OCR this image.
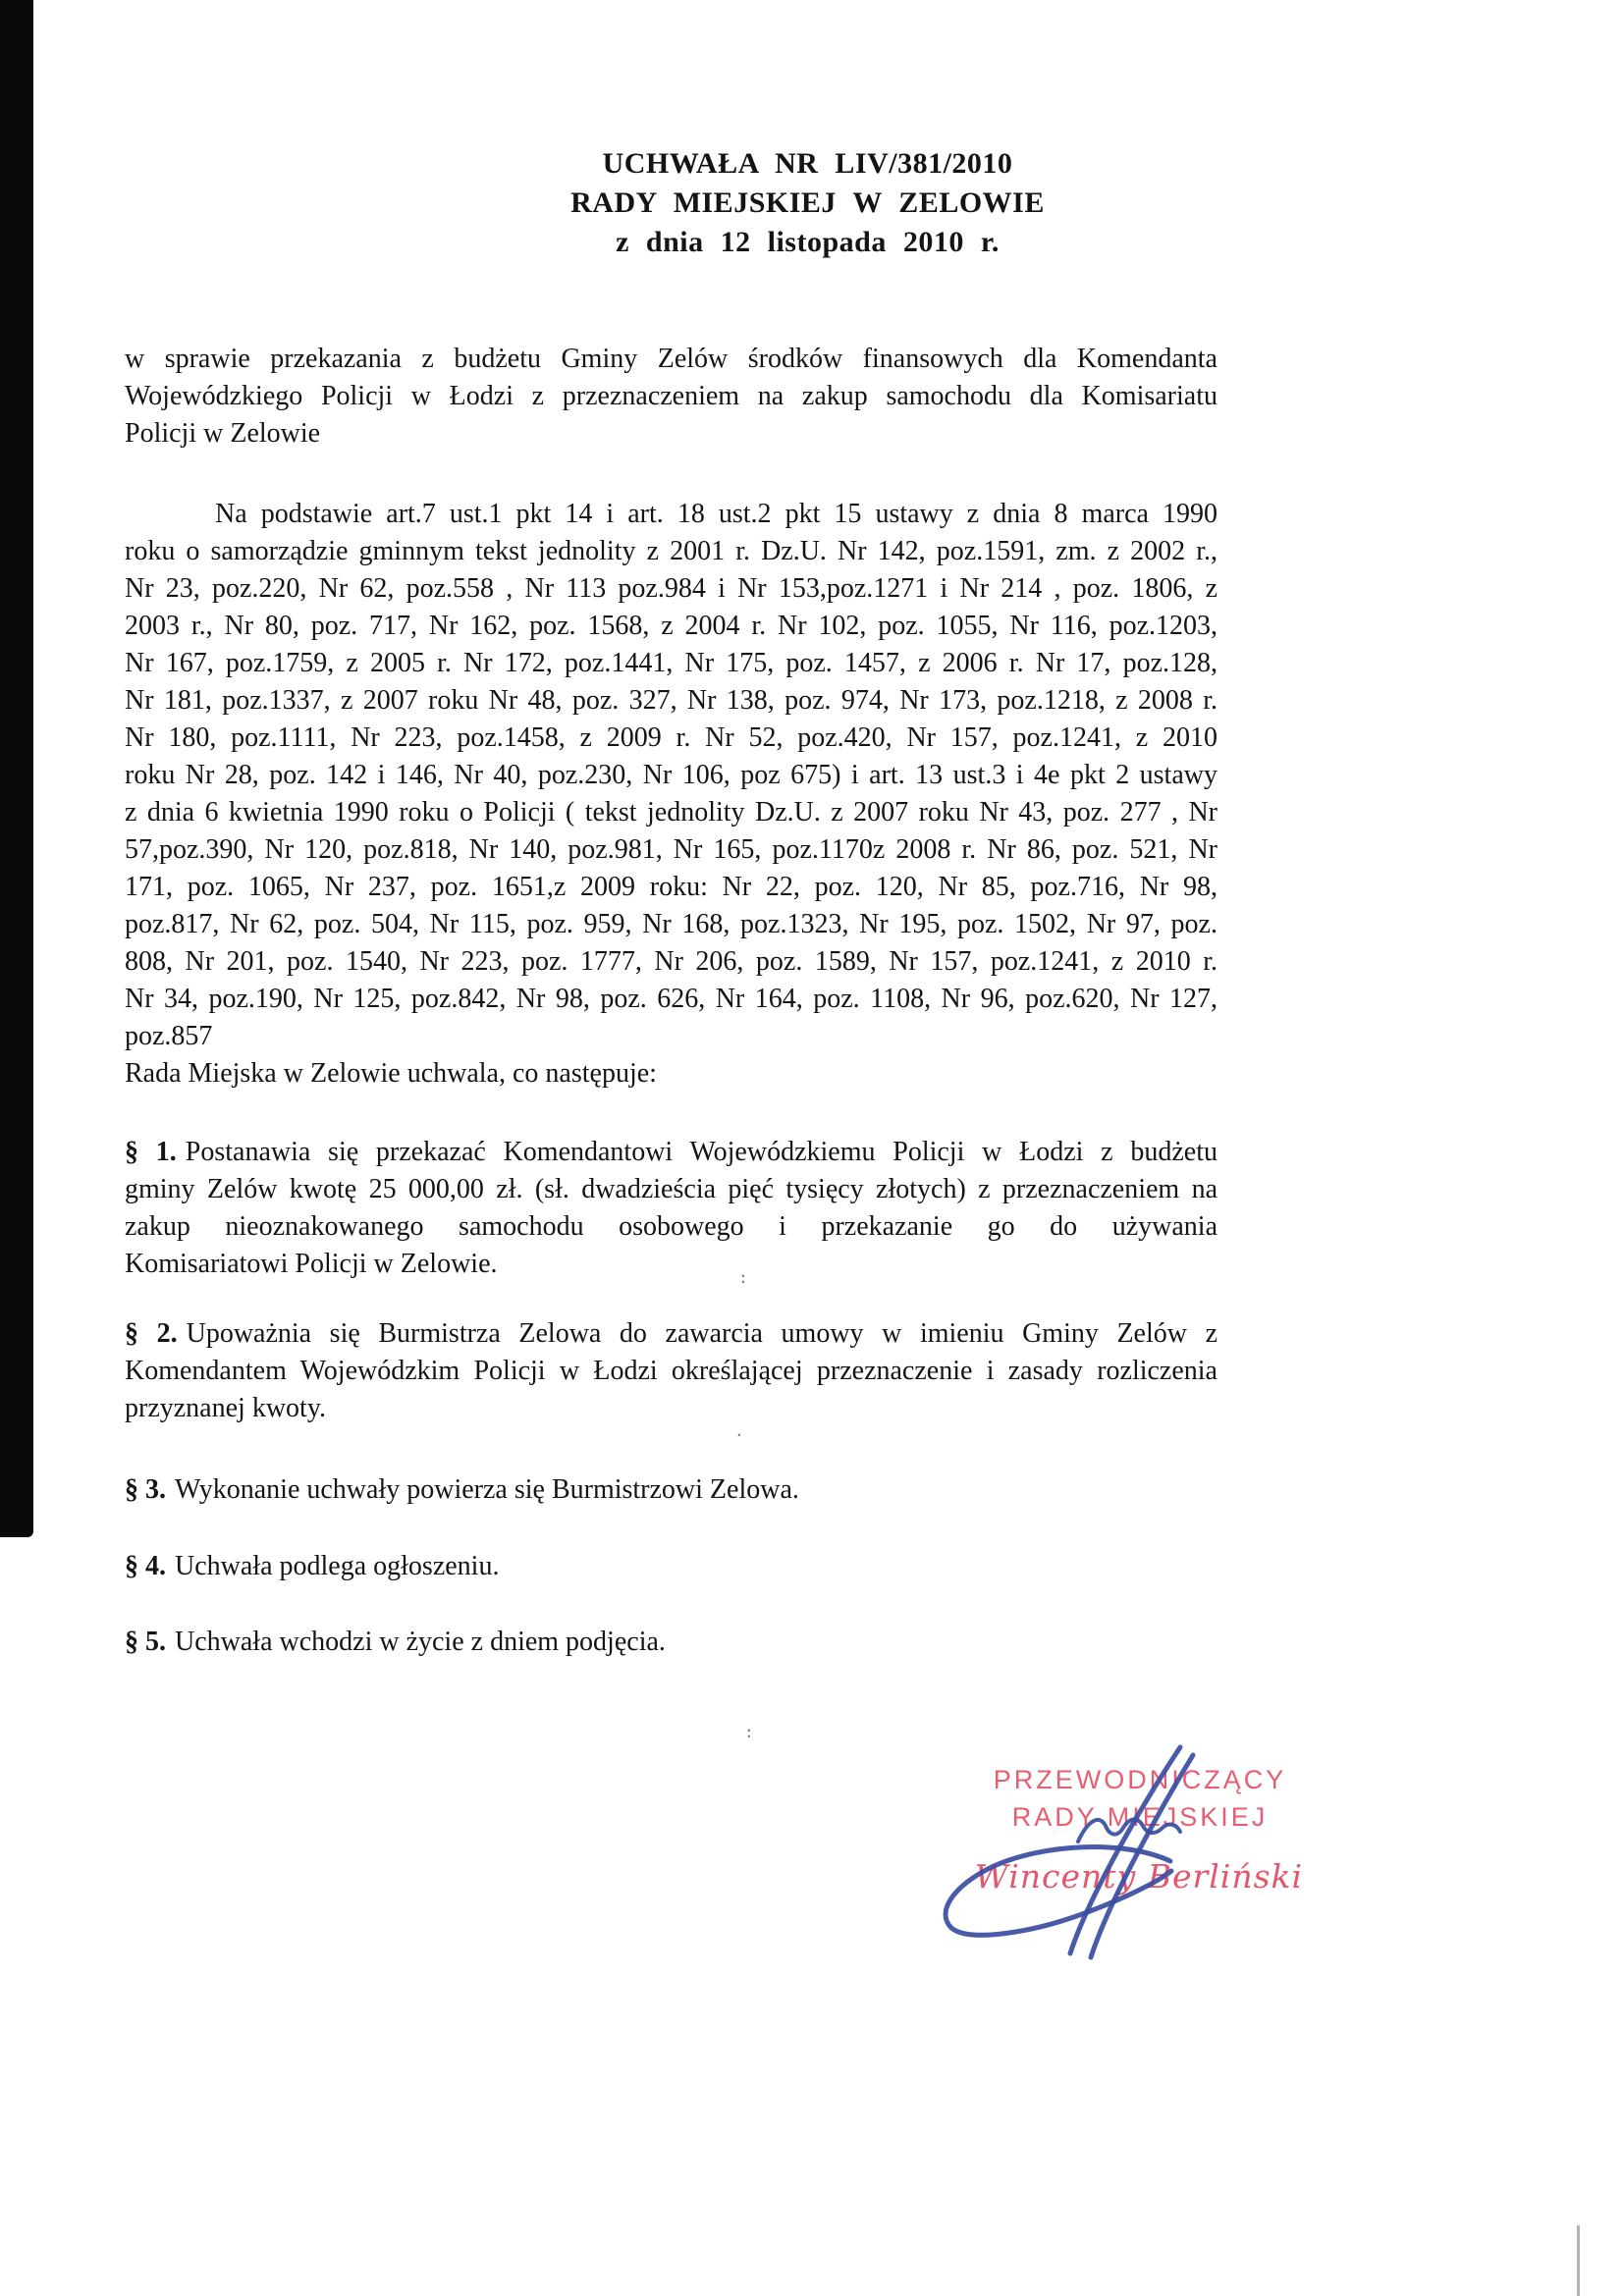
UCHWAŁA NR LIV/381/2010
RADY MIEJSKIEJ W ZELOWIE
z dnia 12 listopada 2010 r.
w sprawie przekazania z budżetu Gminy Zelów środków finansowych dla Komendanta
Wojewódzkiego Policji w Łodzi z przeznaczeniem na zakup samochodu dla Komisariatu
Policji w Zelowie
Na podstawie art.7 ust.1 pkt 14 i art. 18 ust.2 pkt 15 ustawy z dnia 8 marca 1990
roku o samorządzie gminnym tekst jednolity z 2001 r. Dz.U. Nr 142, poz.1591, zm. z 2002 r.,
Nr 23, poz.220, Nr 62, poz.558 , Nr 113 poz.984 i Nr 153,poz.1271 i Nr 214 , poz. 1806, z
2003 r., Nr 80, poz. 717, Nr 162, poz. 1568, z 2004 r. Nr 102, poz. 1055, Nr 116, poz.1203,
Nr 167, poz.1759, z 2005 r. Nr 172, poz.1441, Nr 175, poz. 1457, z 2006 r. Nr 17, poz.128,
Nr 181, poz.1337, z 2007 roku Nr 48, poz. 327, Nr 138, poz. 974, Nr 173, poz.1218, z 2008 r.
Nr 180, poz.1111, Nr 223, poz.1458, z 2009 r. Nr 52, poz.420, Nr 157, poz.1241, z 2010
roku Nr 28, poz. 142 i 146, Nr 40, poz.230, Nr 106, poz 675) i art. 13 ust.3 i 4e pkt 2 ustawy
z dnia 6 kwietnia 1990 roku o Policji ( tekst jednolity Dz.U. z 2007 roku Nr 43, poz. 277 , Nr
57,poz.390, Nr 120, poz.818, Nr 140, poz.981, Nr 165, poz.1170z 2008 r. Nr 86, poz. 521, Nr
171, poz. 1065, Nr 237, poz. 1651,z 2009 roku: Nr 22, poz. 120, Nr 85, poz.716, Nr 98,
poz.817, Nr 62, poz. 504, Nr 115, poz. 959, Nr 168, poz.1323, Nr 195, poz. 1502, Nr 97, poz.
808, Nr 201, poz. 1540, Nr 223, poz. 1777, Nr 206, poz. 1589, Nr 157, poz.1241, z 2010 r.
Nr 34, poz.190, Nr 125, poz.842, Nr 98, poz. 626, Nr 164, poz. 1108, Nr 96, poz.620, Nr 127,
poz.857
Rada Miejska w Zelowie uchwala, co następuje:
§ 1. Postanawia się przekazać Komendantowi Wojewódzkiemu Policji w Łodzi z budżetu
gminy Zelów kwotę 25 000,00 zł. (sł. dwadzieścia pięć tysięcy złotych) z przeznaczeniem na
zakup nieoznakowanego samochodu osobowego i przekazanie go do używania
Komisariatowi Policji w Zelowie.
§ 2. Upoważnia się Burmistrza Zelowa do zawarcia umowy w imieniu Gminy Zelów z
Komendantem Wojewódzkim Policji w Łodzi określającej przeznaczenie i zasady rozliczenia
przyznanej kwoty.
§ 3. Wykonanie uchwały powierza się Burmistrzowi Zelowa.
§ 4. Uchwała podlega ogłoszeniu.
§ 5. Uchwała wchodzi w życie z dniem podjęcia.
PRZEWODNICZĄCY
RADY MIEJSKIEJ
Wincenty Berliński
:
.
:
